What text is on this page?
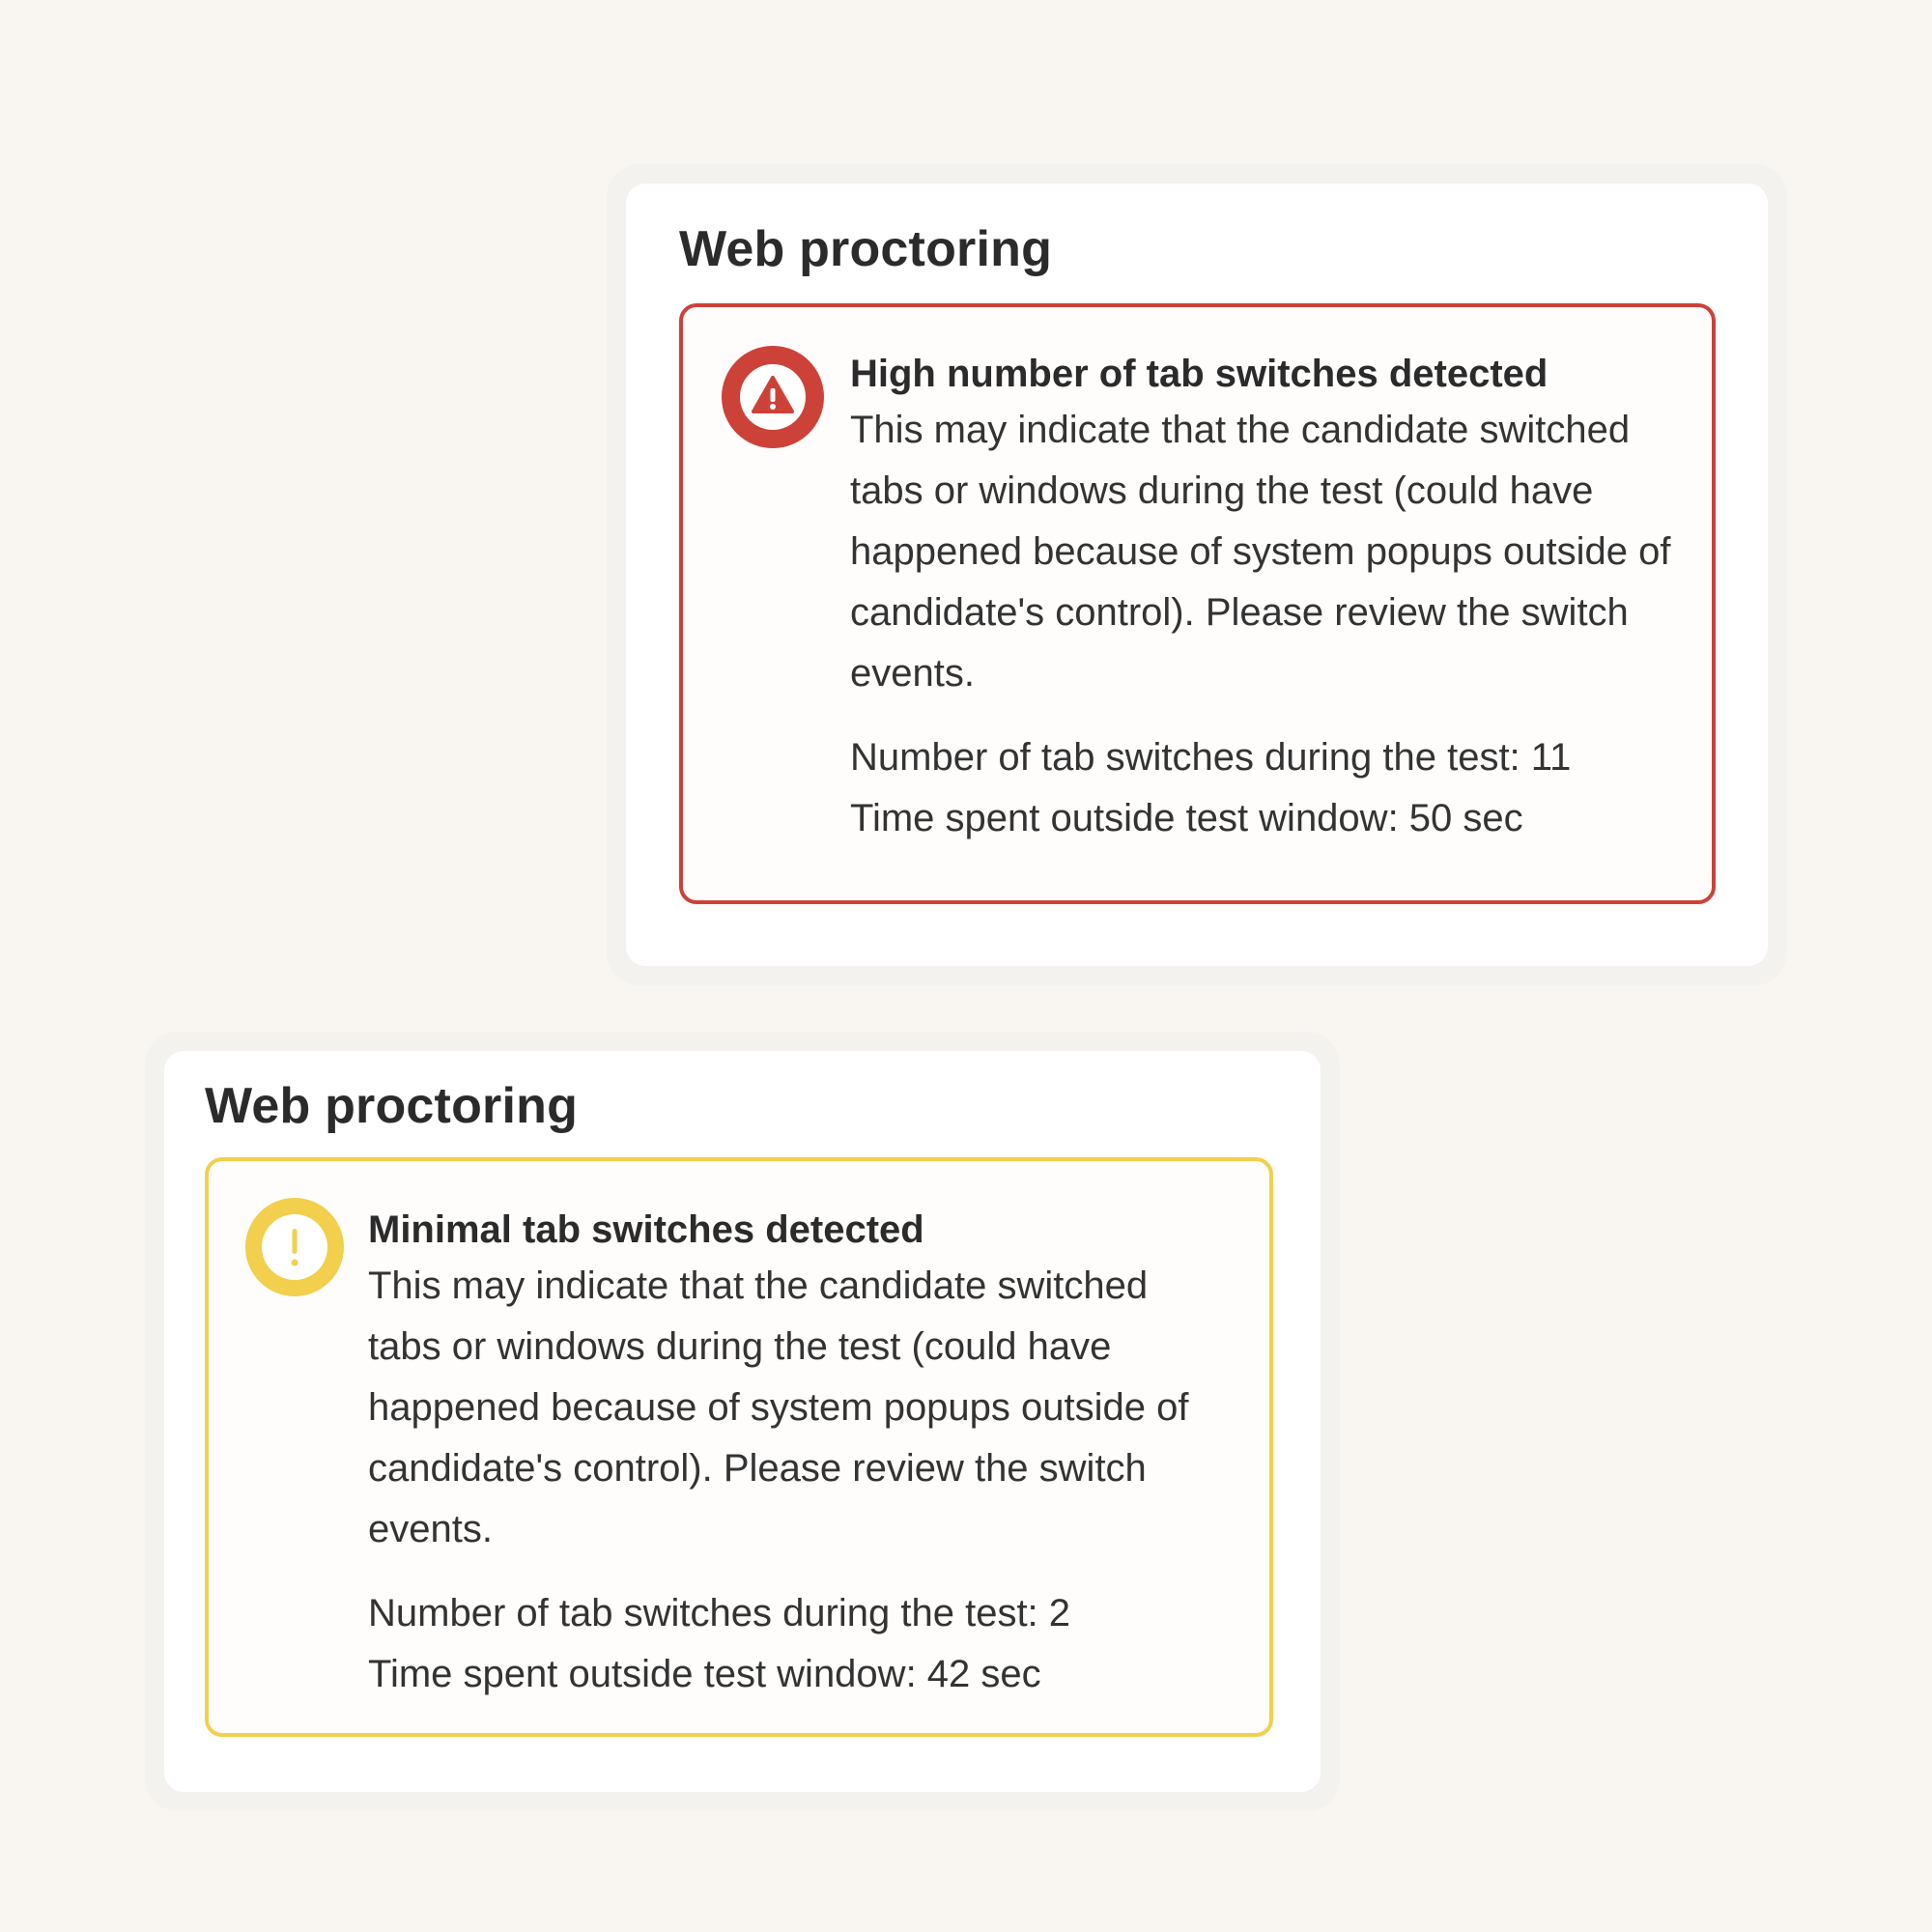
Web proctoring
High number of tab switches detected
This may indicate that the candidate switched tabs or windows during the test (could have happened because of system popups outside of candidate's control). Please review the switch events.
Number of tab switches during the test: 11
Time spent outside test window: 50 sec
Web proctoring
Minimal tab switches detected
This may indicate that the candidate switched tabs or windows during the test (could have happened because of system popups outside of candidate's control). Please review the switch events.
Number of tab switches during the test: 2
Time spent outside test window: 42 sec
